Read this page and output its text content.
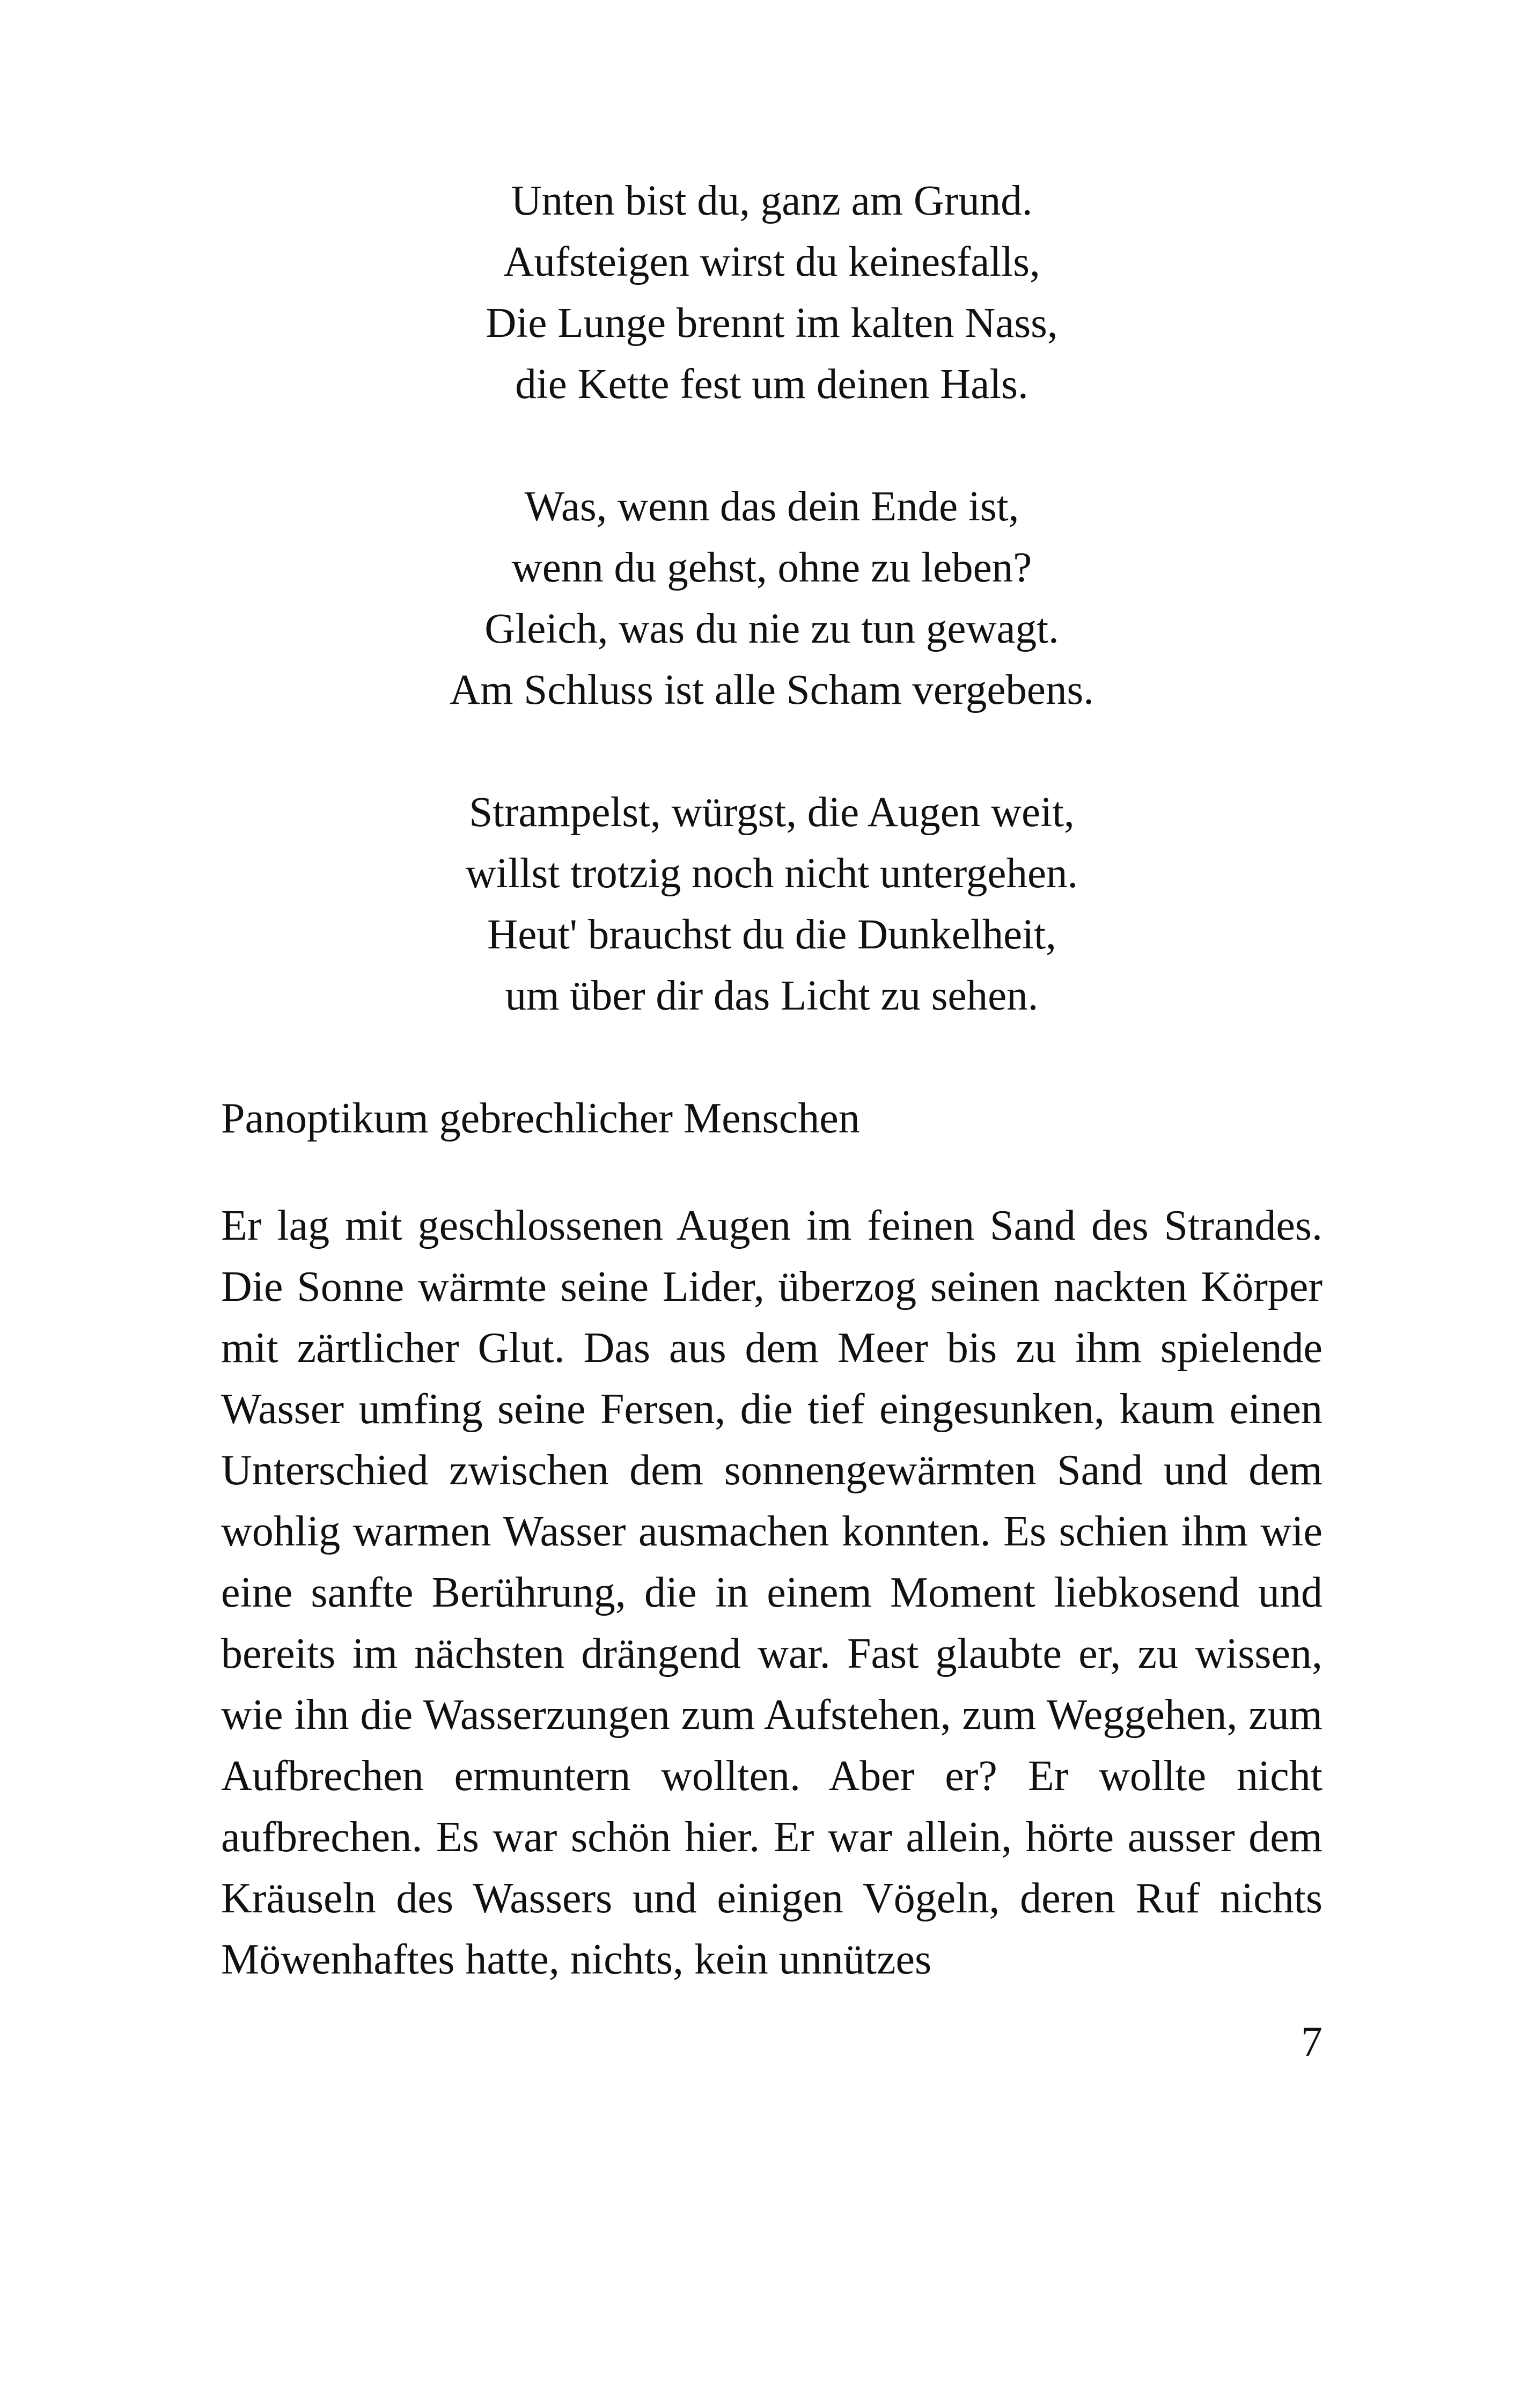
Unten bist du, ganz am Grund.
Aufsteigen wirst du keinesfalls,
Die Lunge brennt im kalten Nass,
die Kette fest um deinen Hals.
Was, wenn das dein Ende ist,
wenn du gehst, ohne zu leben?
Gleich, was du nie zu tun gewagt.
Am Schluss ist alle Scham vergebens.
Strampelst, würgst, die Augen weit,
willst trotzig noch nicht untergehen.
Heut' brauchst du die Dunkelheit,
um über dir das Licht zu sehen.
Panoptikum gebrechlicher Menschen

Er lag mit geschlossenen Augen im feinen Sand des Strandes. Die Sonne wärmte seine Lider, überzog seinen nackten Körper mit zärtlicher Glut. Das aus dem Meer bis zu ihm spielende Wasser umfing seine Fersen, die tief eingesunken, kaum einen Unterschied zwischen dem sonnengewärmten Sand und dem wohlig warmen Wasser ausmachen konnten. Es schien ihm wie eine sanfte Berührung, die in einem Moment liebkosend und bereits im nächsten drängend war. Fast glaubte er, zu wissen, wie ihn die Wasserzungen zum Aufstehen, zum Weggehen, zum Aufbrechen ermuntern wollten. Aber er? Er wollte nicht aufbrechen. Es war schön hier. Er war allein, hörte ausser dem Kräuseln des Wassers und einigen Vögeln, deren Ruf nichts Möwenhaftes hatte, nichts, kein unnützes

7
